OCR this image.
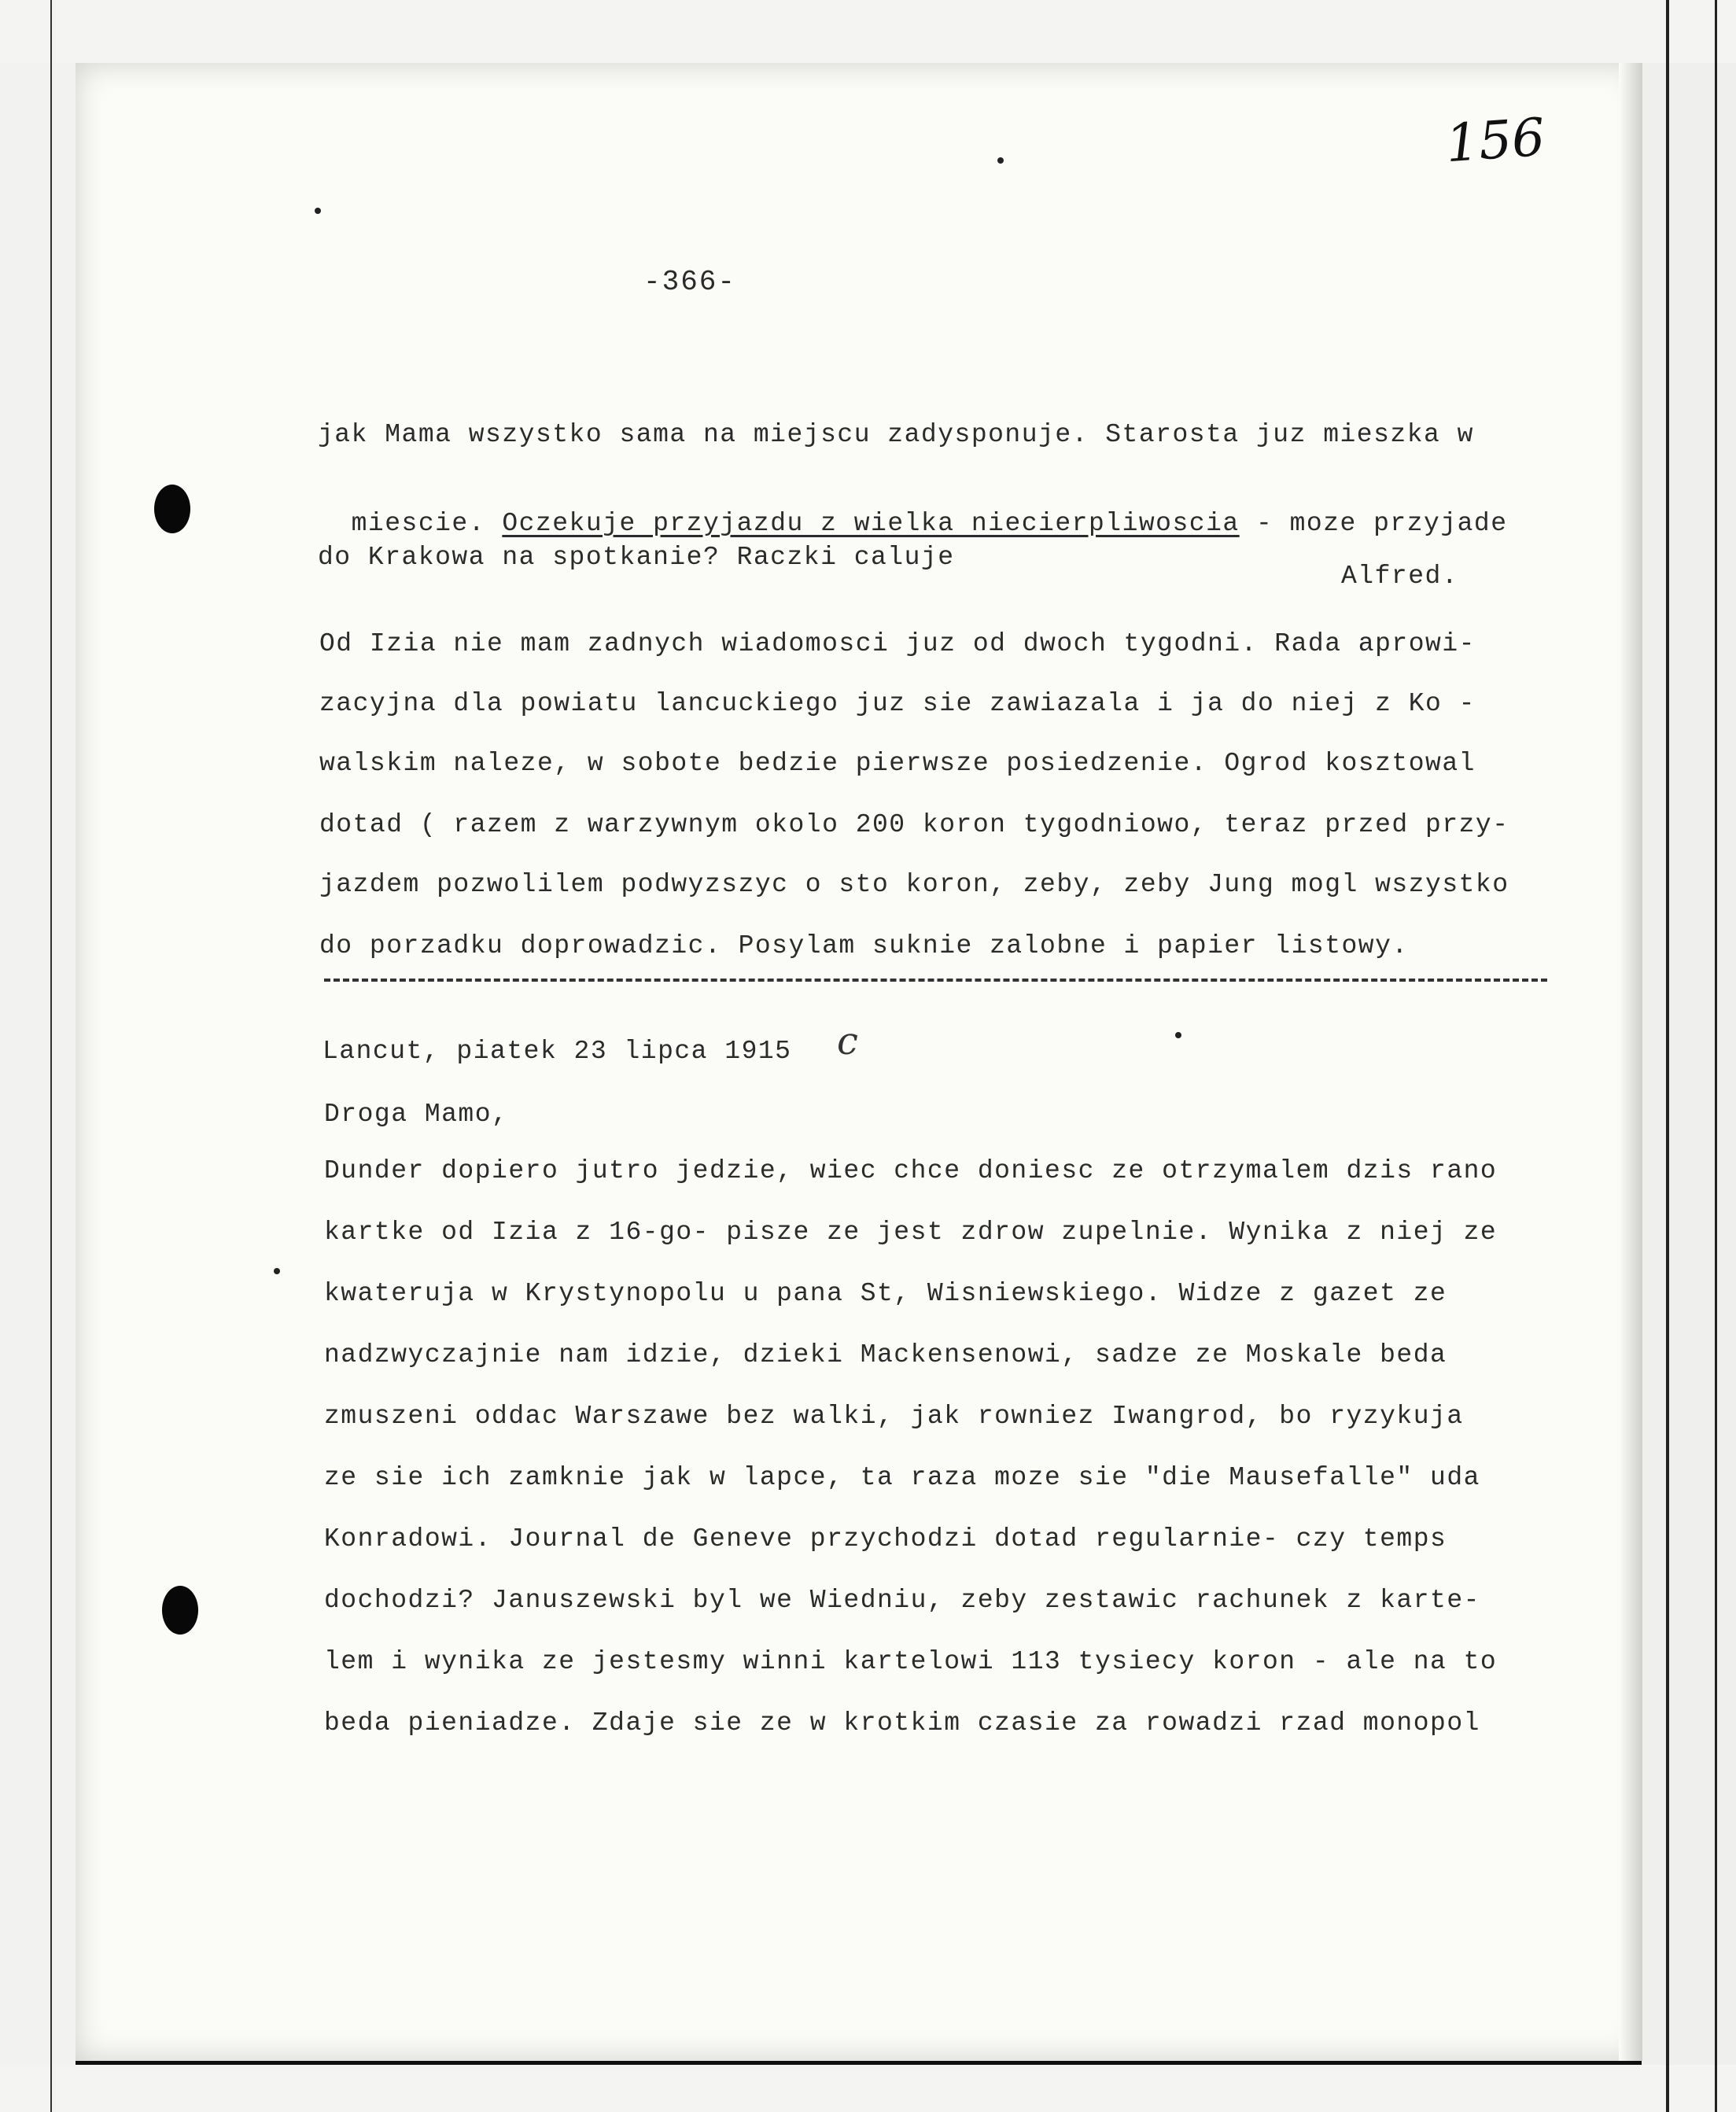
156
-366-
jak Mama wszystko sama na miejscu zadysponuje. Starosta juz mieszka w

miescie. Oczekuje przyjazdu z wielka niecierpliwoscia - moze przyjade

do Krakowa na spotkanie? Raczki caluje
Alfred.
Od Izia nie mam zadnych wiadomosci juz od dwoch tygodni. Rada aprowi-
zacyjna dla powiatu lancuckiego juz sie zawiazala i ja do niej z Ko -
walskim naleze, w sobote bedzie pierwsze posiedzenie. Ogrod kosztowal
dotad ( razem z warzywnym okolo 200 koron tygodniowo, teraz przed przy-
jazdem pozwolilem podwyzszyc o sto koron, zeby, zeby Jung mogl wszystko
do porzadku doprowadzic. Posylam suknie zalobne i papier listowy.
Lancut, piatek 23 lipca 1915 c
Droga Mamo,
Dunder dopiero jutro jedzie, wiec chce doniesc ze otrzymalem dzis rano
kartke od Izia z 16-go- pisze ze jest zdrow zupelnie. Wynika z niej ze
kwateruja w Krystynopolu u pana St, Wisniewskiego. Widze z gazet ze
nadzwyczajnie nam idzie, dzieki Mackensenowi, sadze ze Moskale beda
zmuszeni oddac Warszawe bez walki, jak rowniez Iwangrod, bo ryzykuja
ze sie ich zamknie jak w lapce, ta raza moze sie "die Mausefalle" uda
Konradowi. Journal de Geneve przychodzi dotad regularnie- czy temps
dochodzi? Januszewski byl we Wiedniu, zeby zestawic rachunek z karte-
lem i wynika ze jestesmy winni kartelowi 113 tysiecy koron - ale na to
beda pieniadze. Zdaje sie ze w krotkim czasie za rowadzi rzad monopol
